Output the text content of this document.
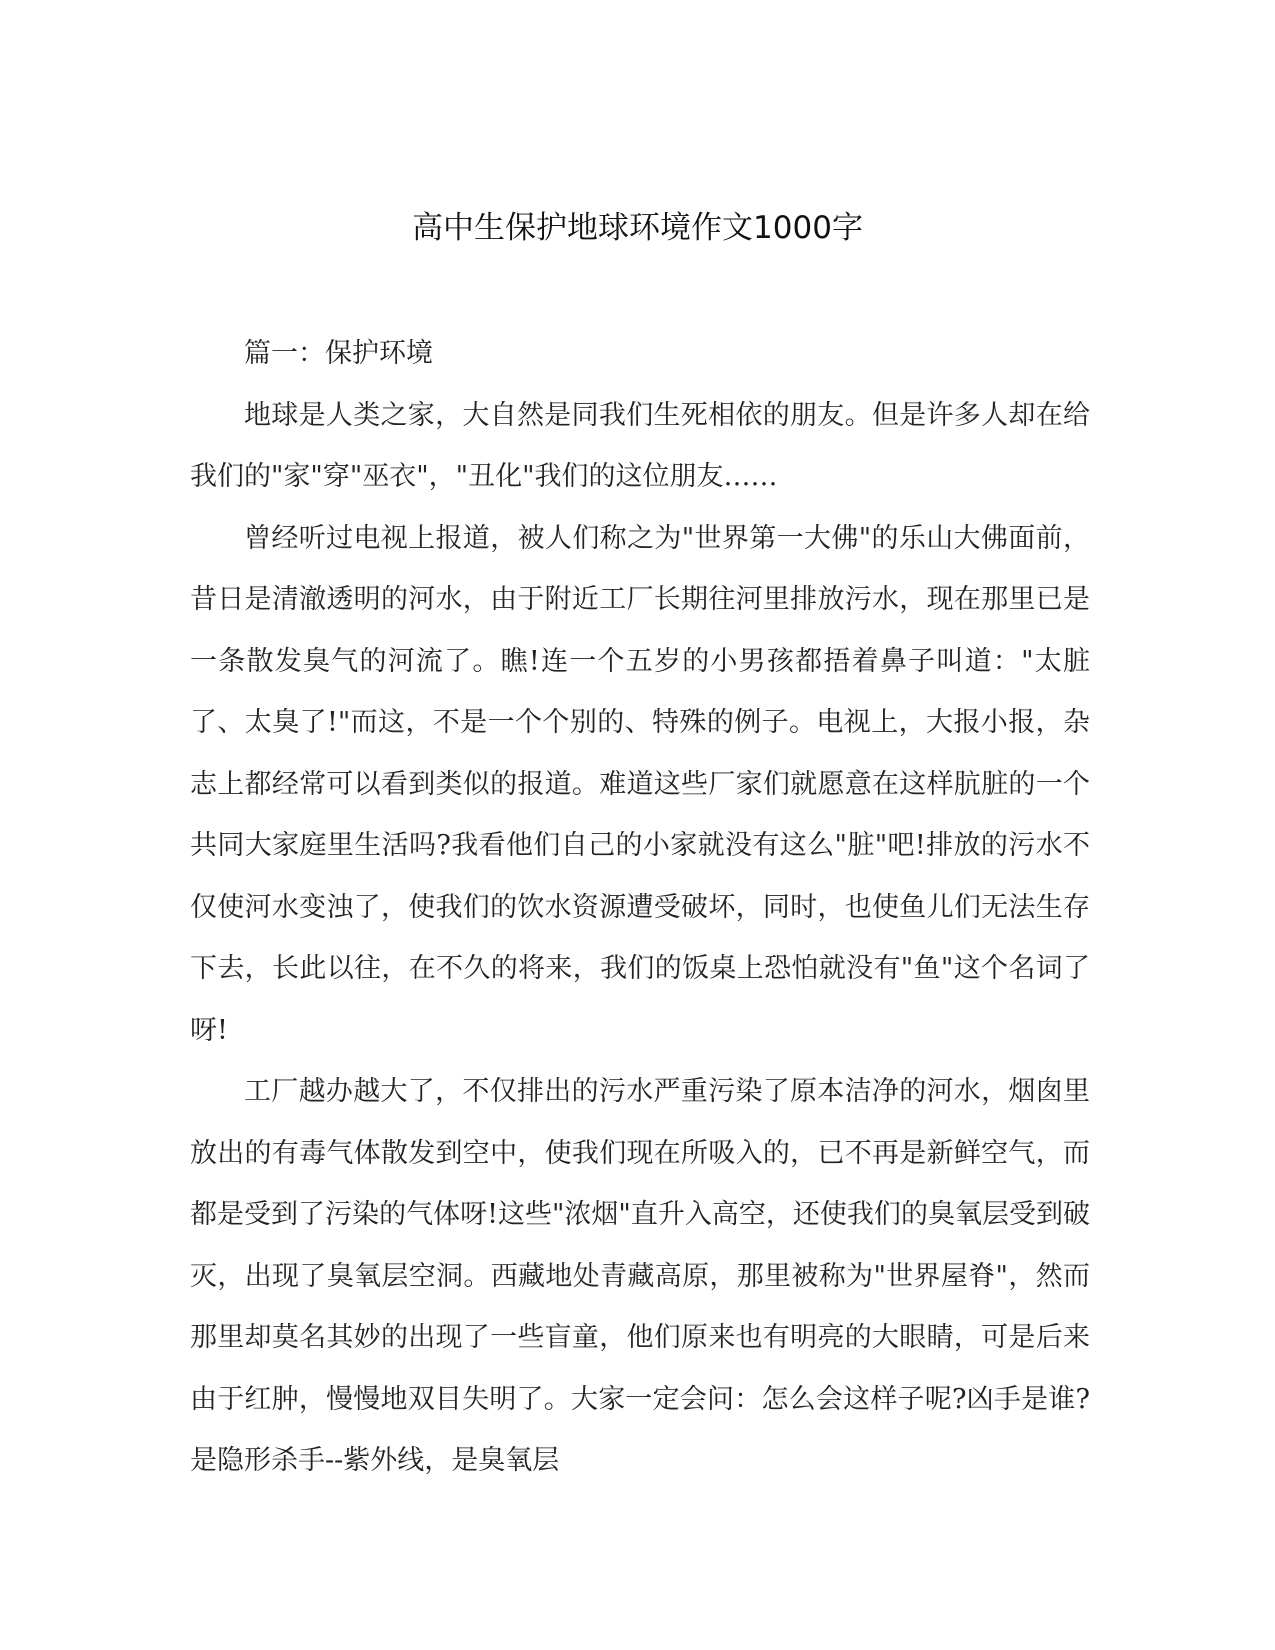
高中生保护地球环境作文1000字

篇一：保护环境

地球是人类之家，大自然是同我们生死相依的朋友。但是许多人却在给我们的"家"穿"巫衣"，"丑化"我们的这位朋友……

曾经听过电视上报道，被人们称之为"世界第一大佛"的乐山大佛面前，昔日是清澈透明的河水，由于附近工厂长期往河里排放污水，现在那里已是一条散发臭气的河流了。瞧!连一个五岁的小男孩都捂着鼻子叫道："太脏了、太臭了!"而这，不是一个个别的、特殊的例子。电视上，大报小报，杂志上都经常可以看到类似的报道。难道这些厂家们就愿意在这样肮脏的一个共同大家庭里生活吗?我看他们自己的小家就没有这么"脏"吧!排放的污水不仅使河水变浊了，使我们的饮水资源遭受破坏，同时，也使鱼儿们无法生存下去，长此以往，在不久的将来，我们的饭桌上恐怕就没有"鱼"这个名词了呀!

工厂越办越大了，不仅排出的污水严重污染了原本洁净的河水，烟囱里放出的有毒气体散发到空中，使我们现在所吸入的，已不再是新鲜空气，而都是受到了污染的气体呀!这些"浓烟"直升入高空，还使我们的臭氧层受到破灭，出现了臭氧层空洞。西藏地处青藏高原，那里被称为"世界屋脊"，然而那里却莫名其妙的出现了一些盲童，他们原来也有明亮的大眼睛，可是后来由于红肿，慢慢地双目失明了。大家一定会问：怎么会这样子呢?凶手是谁?是隐形杀手--紫外线，是臭氧层
